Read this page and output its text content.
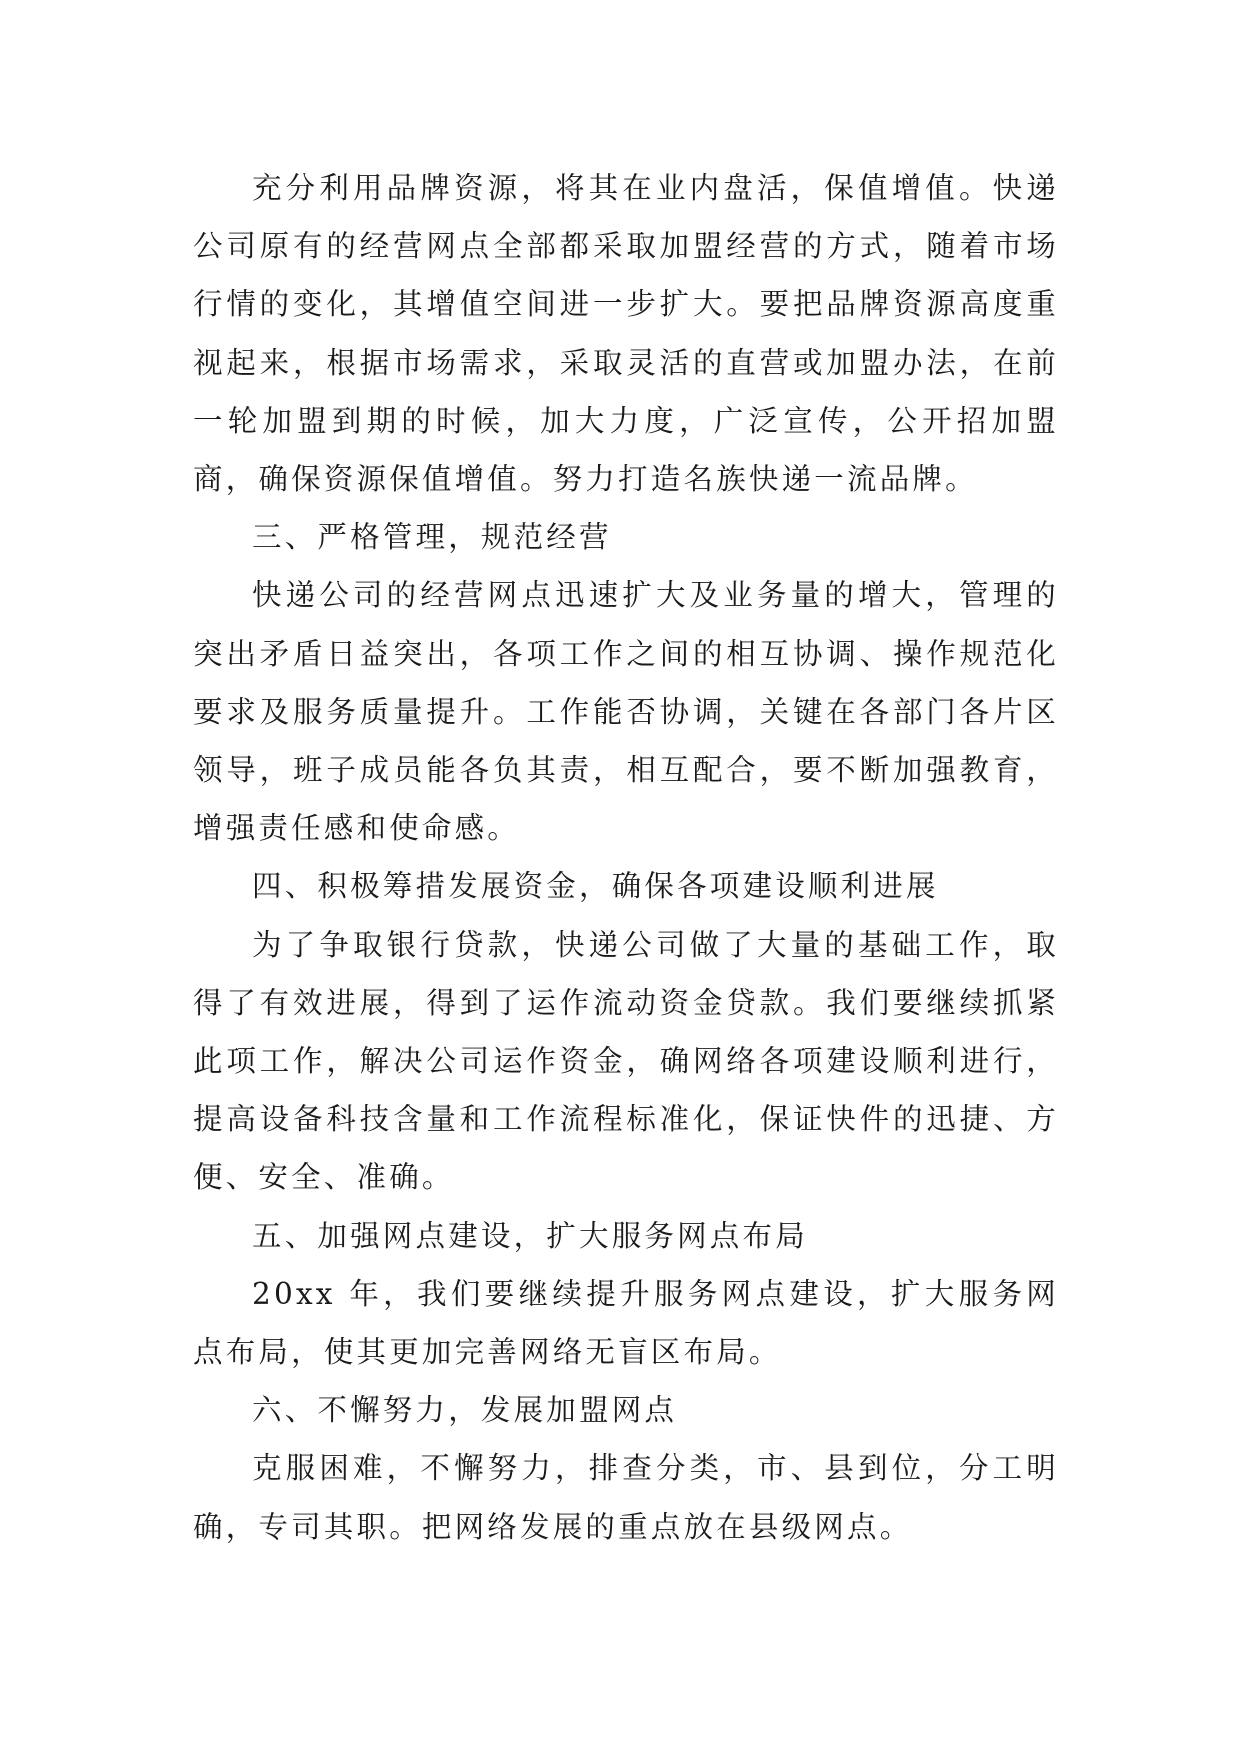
充分利用品牌资源，将其在业内盘活，保值增值。快递公司原有的经营网点全部都采取加盟经营的方式，随着市场行情的变化，其增值空间进一步扩大。要把品牌资源高度重视起来，根据市场需求，采取灵活的直营或加盟办法，在前一轮加盟到期的时候，加大力度，广泛宣传，公开招加盟商，确保资源保值增值。努力打造名族快递一流品牌。

三、严格管理，规范经营

快递公司的经营网点迅速扩大及业务量的增大，管理的突出矛盾日益突出，各项工作之间的相互协调、操作规范化要求及服务质量提升。工作能否协调，关键在各部门各片区领导，班子成员能各负其责，相互配合，要不断加强教育，增强责任感和使命感。

四、积极筹措发展资金，确保各项建设顺利进展

为了争取银行贷款，快递公司做了大量的基础工作，取得了有效进展，得到了运作流动资金贷款。我们要继续抓紧此项工作，解决公司运作资金，确网络各项建设顺利进行，提高设备科技含量和工作流程标准化，保证快件的迅捷、方便、安全、准确。

五、加强网点建设，扩大服务网点布局

20xx 年，我们要继续提升服务网点建设，扩大服务网点布局，使其更加完善网络无盲区布局。

六、不懈努力，发展加盟网点

克服困难，不懈努力，排查分类，市、县到位，分工明确，专司其职。把网络发展的重点放在县级网点。
